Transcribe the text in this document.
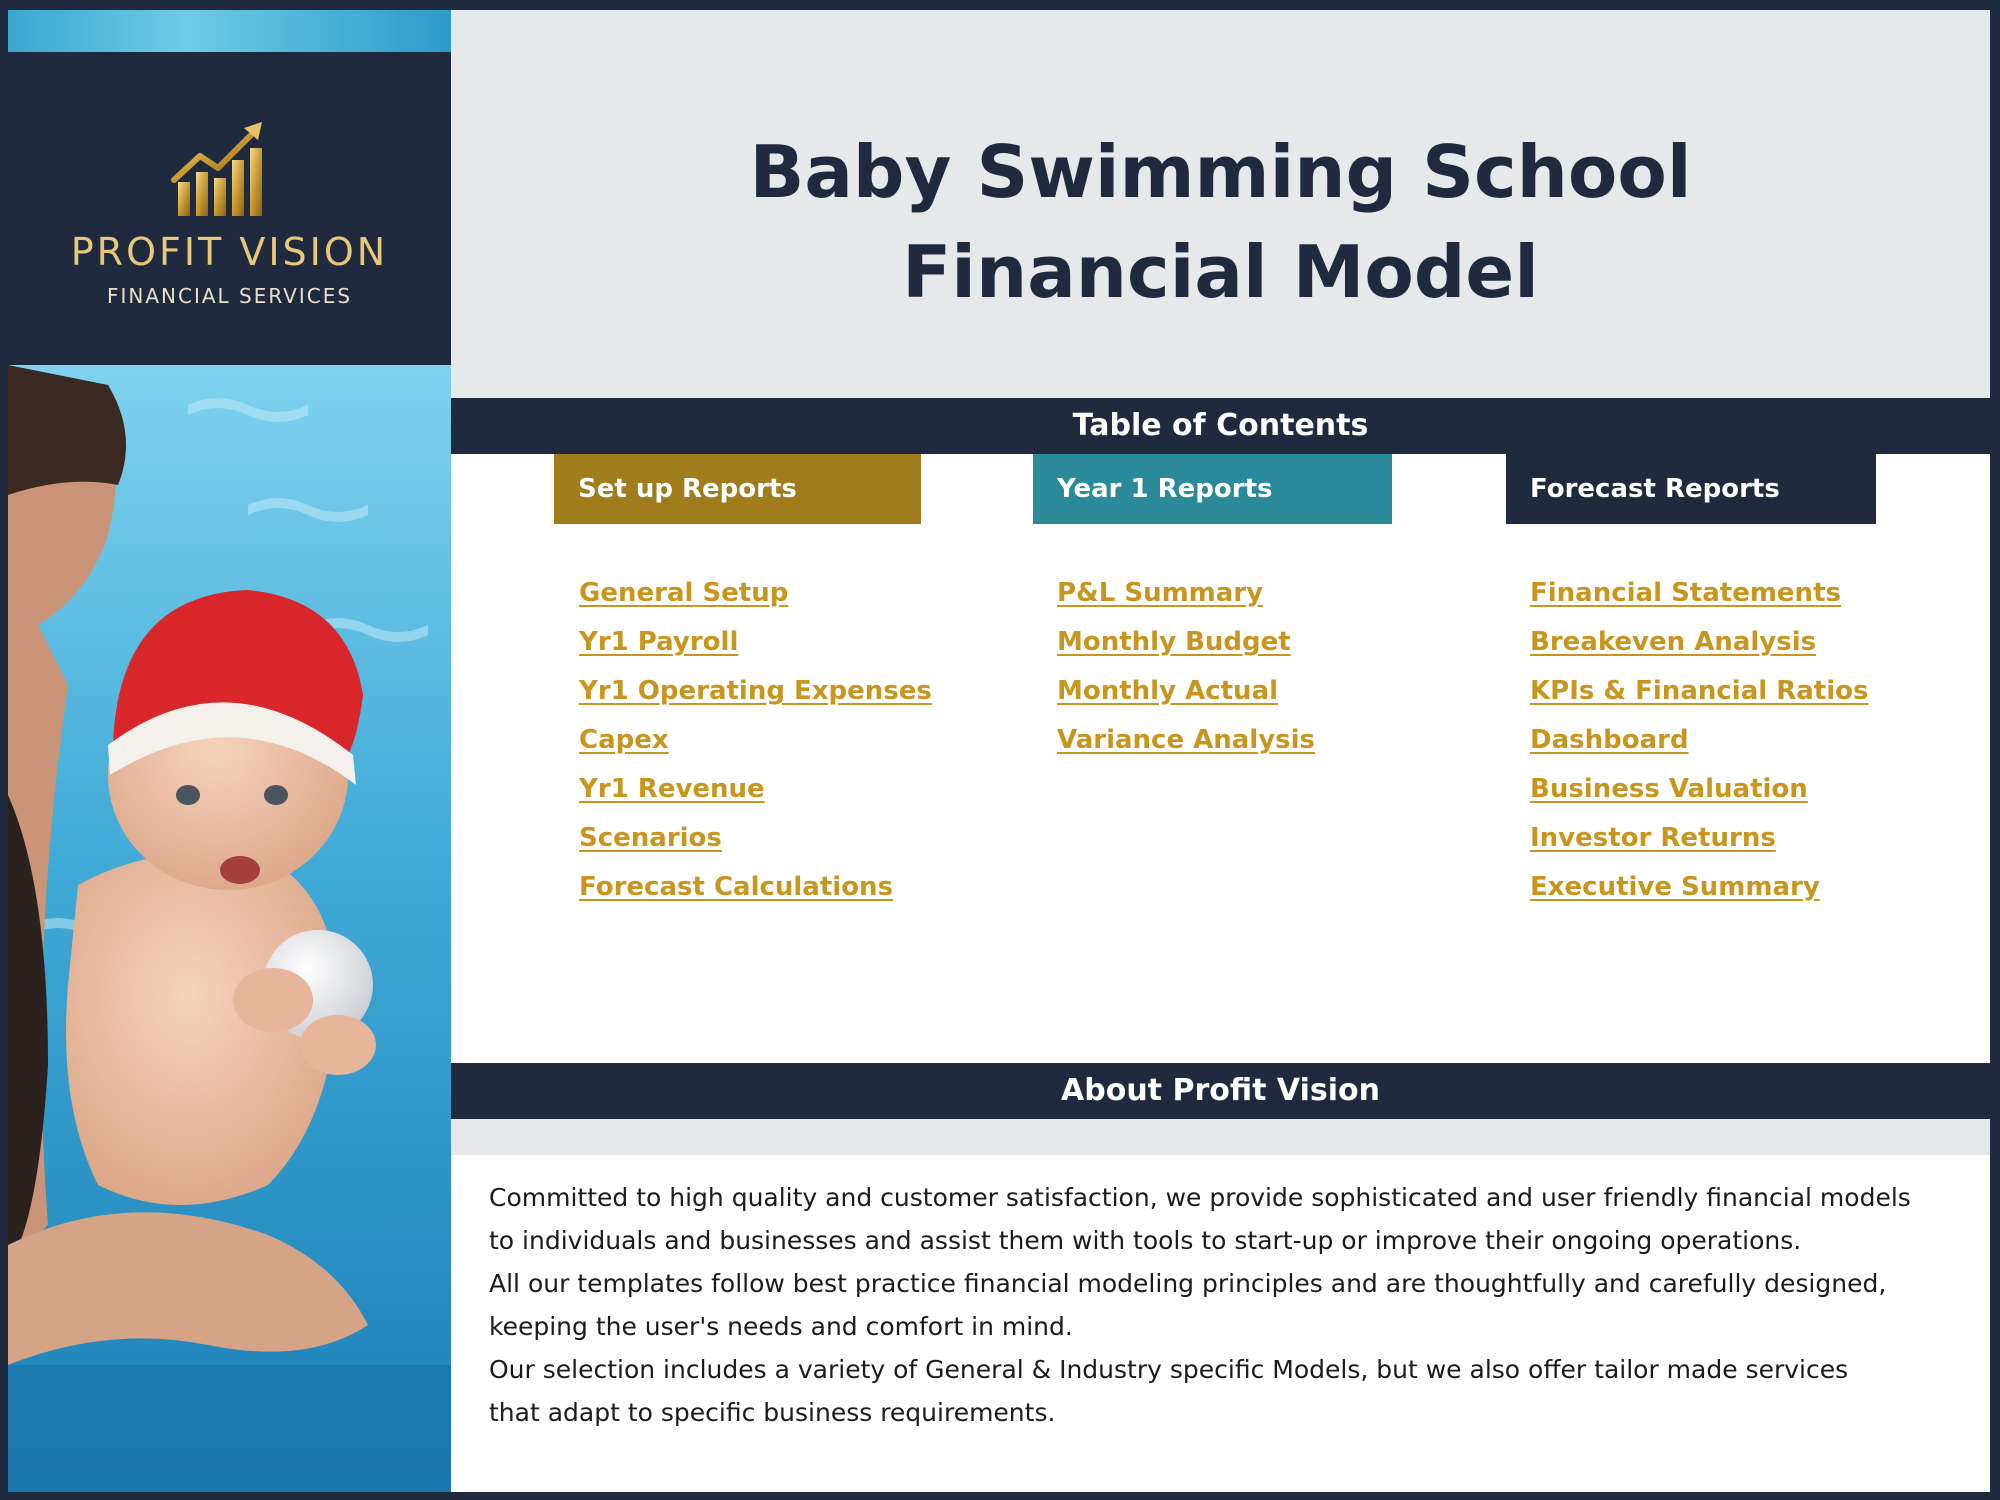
PROFIT VISION
FINANCIAL SERVICES
Baby Swimming School
Financial Model
Table of Contents
Set up Reports	Year 1 Reports	Forecast Reports
General Setup
Yr1 Payroll
Yr1 Operating Expenses
Capex
Yr1 Revenue
Scenarios
Forecast Calculations
P&L Summary
Monthly Budget
Monthly Actual
Variance Analysis
Financial Statements
Breakeven Analysis
KPIs & Financial Ratios
Dashboard
Business Valuation
Investor Returns
Executive Summary
About Profit Vision

Committed to high quality and customer satisfaction, we provide sophisticated and user friendly financial models

to individuals and businesses and assist them with tools to start-up or improve their ongoing operations.

All our templates follow best practice financial modeling principles and are thoughtfully and carefully designed,

keeping the user's needs and comfort in mind.

Our selection includes a variety of General & Industry specific Models, but we also offer tailor made services

that adapt to specific business requirements.
